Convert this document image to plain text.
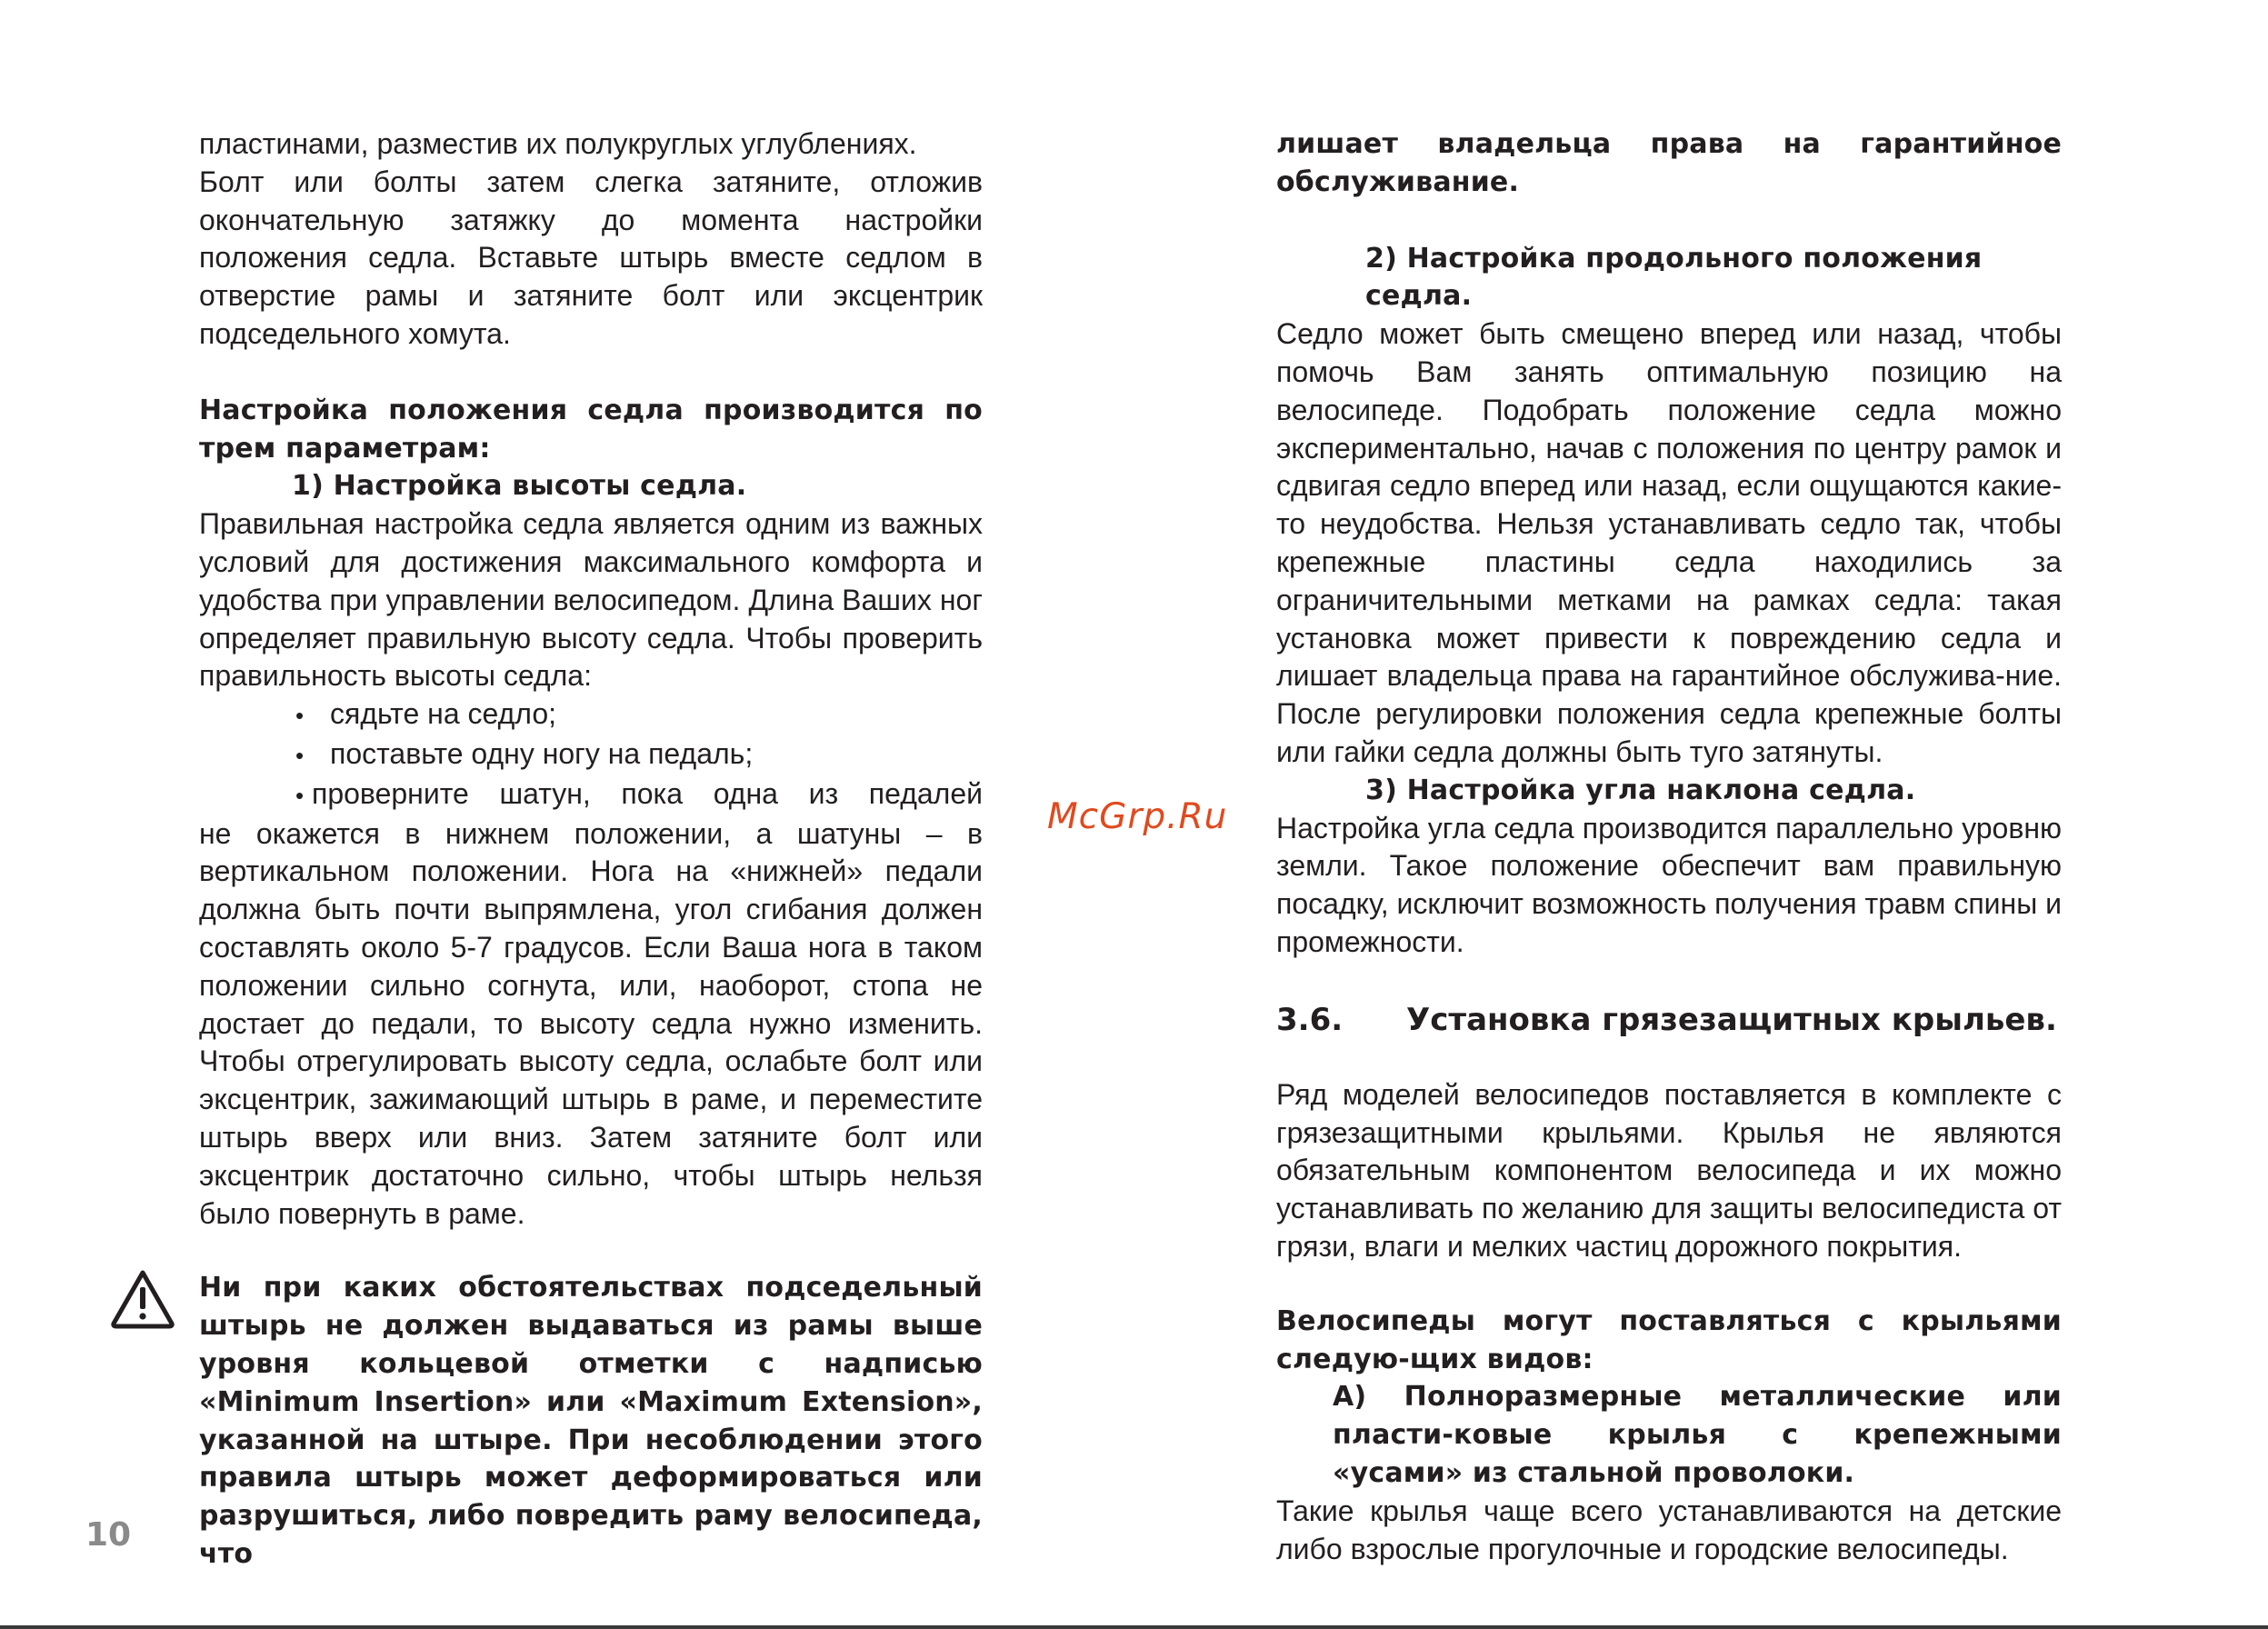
пластинами, разместив их полукруглых углублениях.

Болт или болты затем слегка затяните, отложив окончательную затяжку до момента настройки положения седла. Вставьте штырь вместе седлом в отверстие рамы и затяните болт или эксцентрик подседельного хомута.

Настройка положения седла производится по трем параметрам:

1) Настройка высоты седла.

Правильная настройка седла является одним из важных условий для достижения максимального комфорта и удобства при управлении велосипедом. Длина Ваших ног определяет правильную высоту седла. Чтобы проверить правильность высоты седла:

• сядьте на седло;
• поставьте одну ногу на педаль;

• проверните шатун, пока одна из педалей

не окажется в нижнем положении, а шатуны – в вертикальном положении. Нога на «нижней» педали должна быть почти выпрямлена, угол сгибания должен составлять около 5-7 градусов. Если Ваша нога в таком положении сильно согнута, или, наоборот, стопа не достает до педали, то высоту седла нужно изменить. Чтобы отрегулировать высоту седла, ослабьте болт или эксцентрик, зажимающий штырь в раме, и переместите штырь вверх или вниз. Затем затяните болт или эксцентрик достаточно сильно, чтобы штырь нельзя было повернуть в раме.

Ни при каких обстоятельствах подседельный штырь не должен выдаваться из рамы выше уровня кольцевой отметки с надписью «Minimum Insertion» или «Maximum Extension», указанной на штыре. При несоблюдении этого правила штырь может деформироваться или разрушиться, либо повредить раму велосипеда, что

лишает владельца права на гарантийное обслуживание.

2) Настройка продольного положения седла.

Седло может быть смещено вперед или назад, чтобы помочь Вам занять оптимальную позицию на велосипеде. Подобрать положение седла можно экспериментально, начав с положения по центру рамок и сдвигая седло вперед или назад, если ощущаются какие-то неудобства. Нельзя устанавливать седло так, чтобы крепежные пластины седла находились за ограничительными метками на рамках седла: такая установка может привести к повреждению седла и лишает владельца права на гарантийное обслужива-ние. После регулировки положения седла крепежные болты или гайки седла должны быть туго затянуты.

3) Настройка угла наклона седла.

Настройка угла седла производится параллельно уровню земли. Такое положение обеспечит вам правильную посадку, исключит возможность получения травм спины и промежности.

3.6.	Установка грязезащитных крыльев.

Ряд моделей велосипедов поставляется в комплекте с грязезащитными крыльями. Крылья не являются обязательным компонентом велосипеда и их можно устанавливать по желанию для защиты велосипедиста от грязи, влаги и мелких частиц дорожного покрытия.

Велосипеды могут поставляться с крыльями следую-щих видов:

А) Полноразмерные металлические или пласти-ковые крылья с крепежными «усами» из стальной проволоки.

Такие крылья чаще всего устанавливаются на детские либо взрослые прогулочные и городские велосипеды.

McGrp.Ru
10
